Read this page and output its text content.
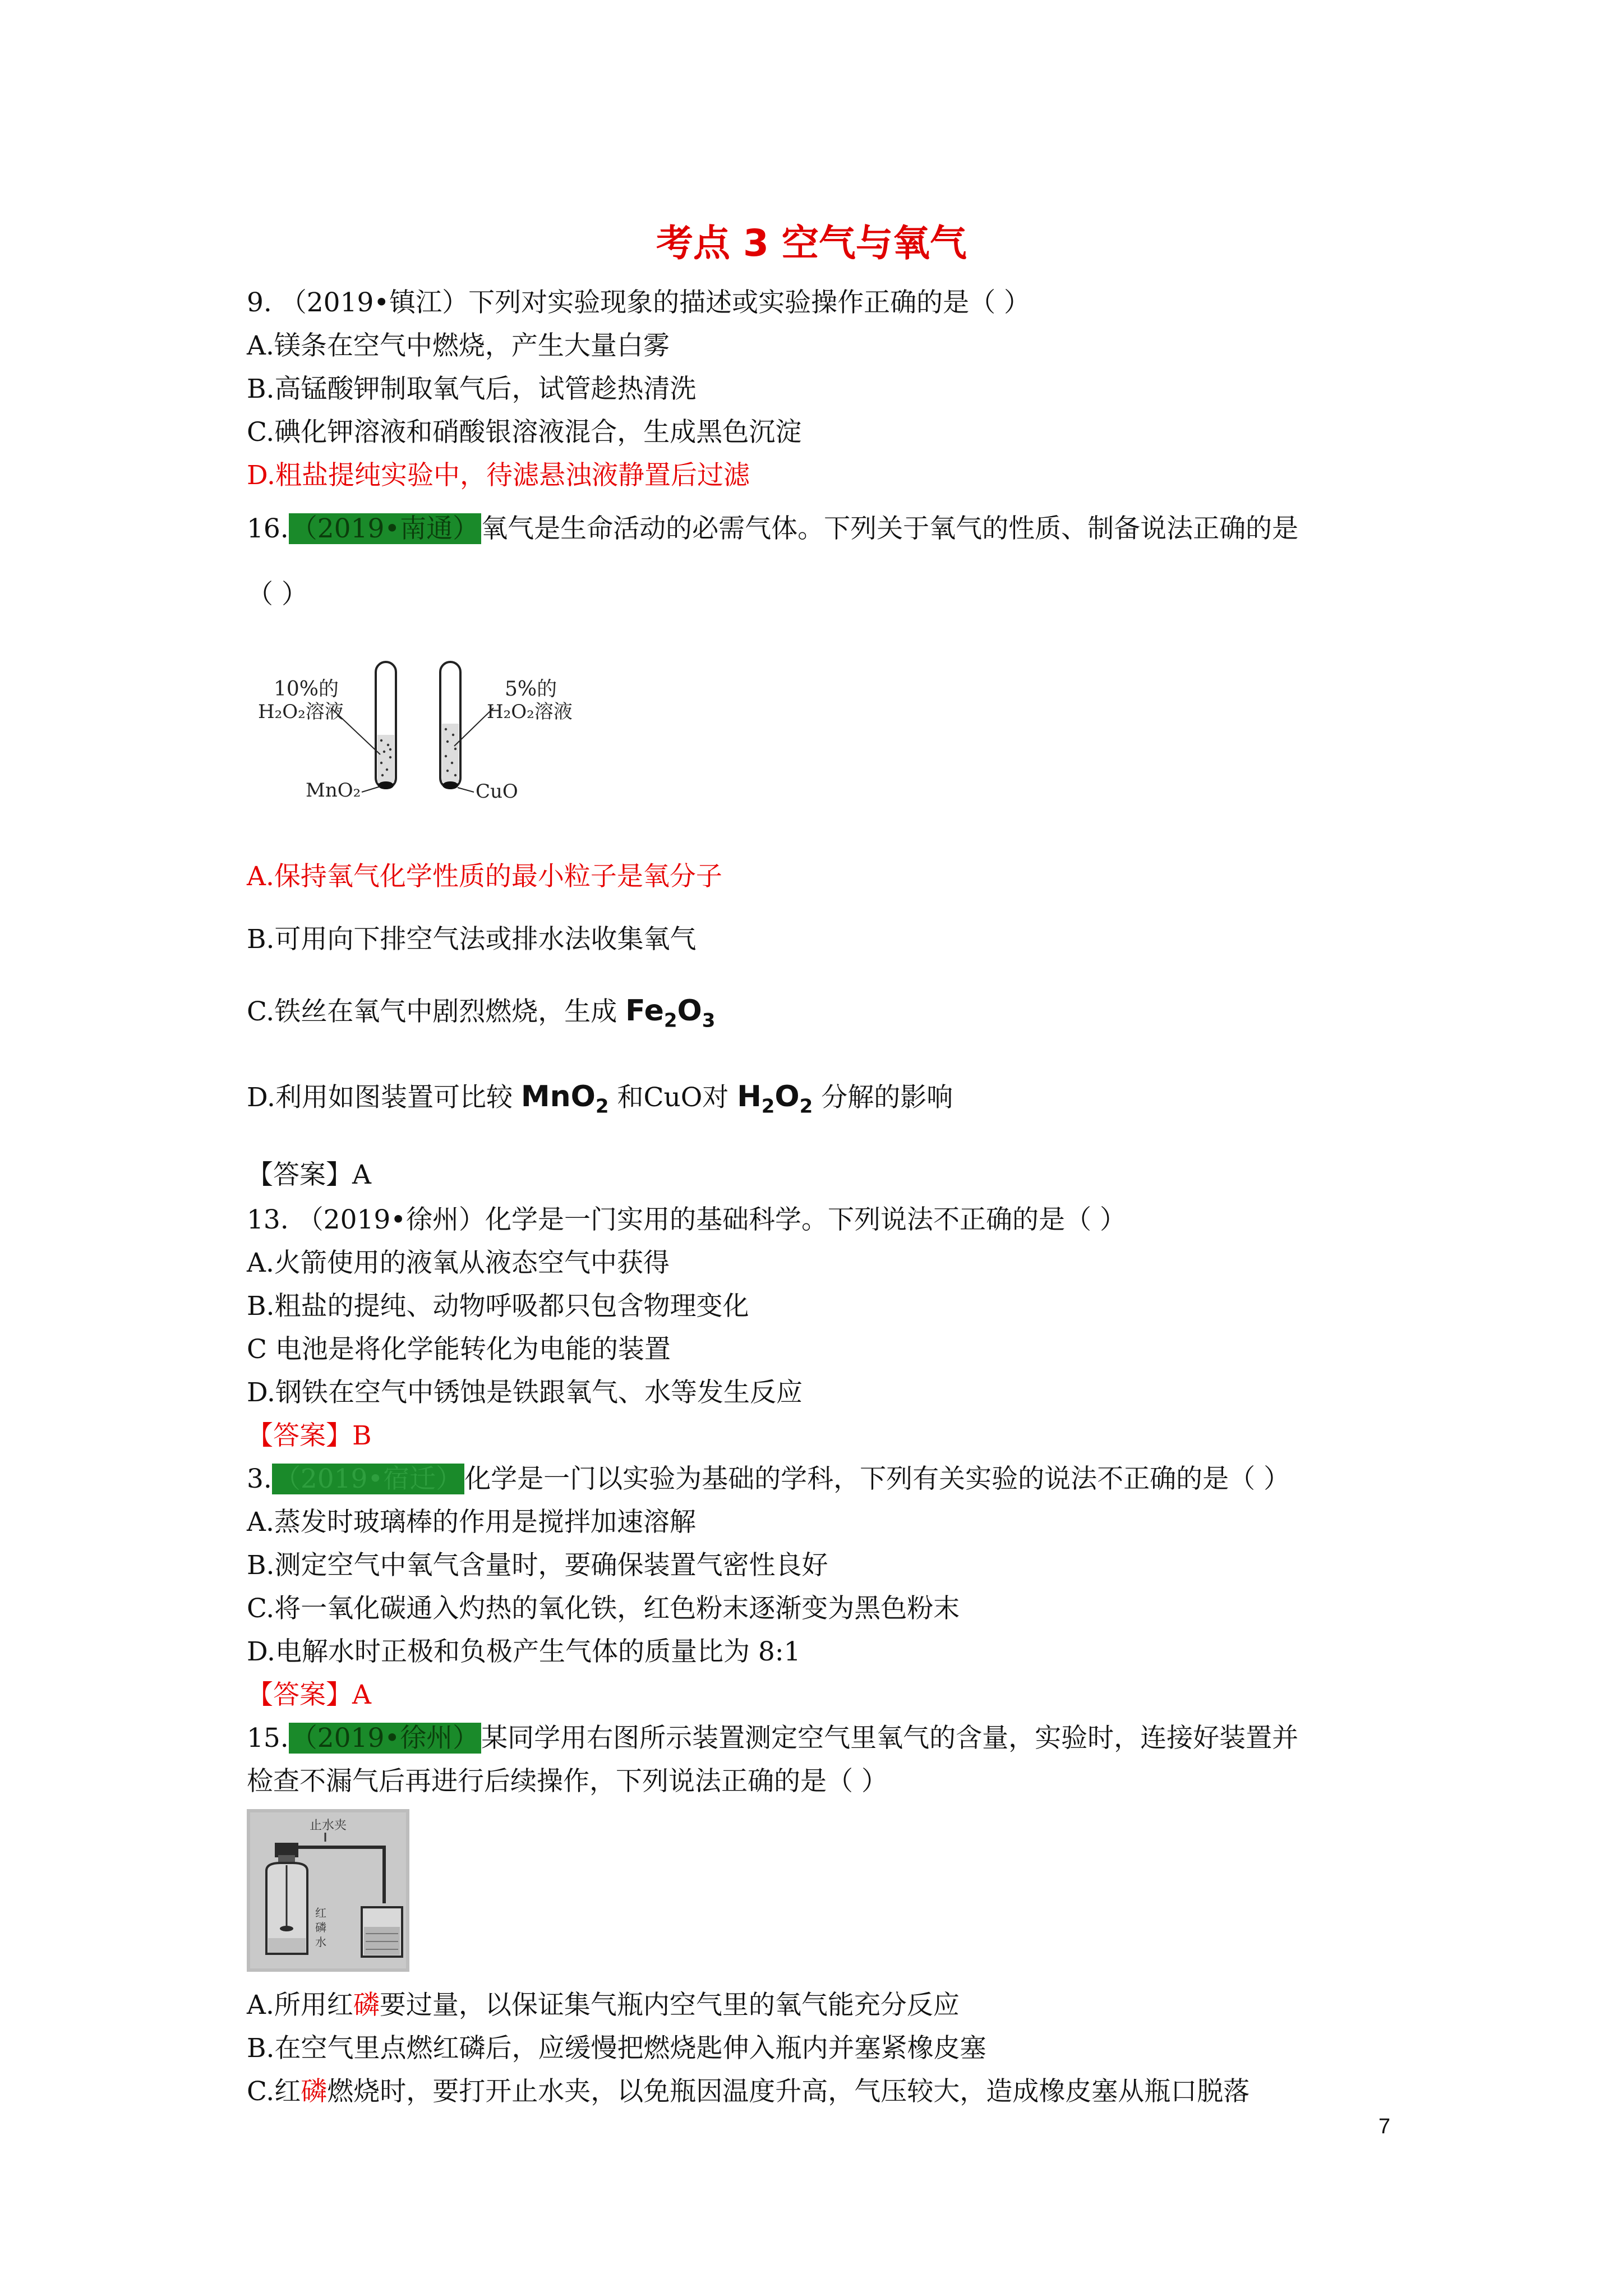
考点 3 空气与氧气
9. （2019•镇江）下列对实验现象的描述或实验操作正确的是（ ）
A.镁条在空气中燃烧，产生大量白雾
B.高锰酸钾制取氧气后，试管趁热清洗
C.碘化钾溶液和硝酸银溶液混合，生成黑色沉淀
D.粗盐提纯实验中，待滤悬浊液静置后过滤
16.（2019•南通）氧气是生命活动的必需气体。下列关于氧气的性质、制备说法正确的是
（ ）
10%的
H₂O₂溶液
MnO₂
5%的
H₂O₂溶液
CuO
A.保持氧气化学性质的最小粒子是氧分子
B.可用向下排空气法或排水法收集氧气
C.铁丝在氧气中剧烈燃烧，生成 $Fe_2O_3$
D.利用如图装置可比较 MnO$_2$ 和CuO对 $H_2O_2$ 分解的影响
【答案】A
13. （2019•徐州）化学是一门实用的基础科学。下列说法不正确的是（ ）
A.火箭使用的液氧从液态空气中获得
B.粗盐的提纯、动物呼吸都只包含物理变化
C 电池是将化学能转化为电能的装置
D.钢铁在空气中锈蚀是铁跟氧气、水等发生反应
【答案】B
3.（2019•宿迁）化学是一门以实验为基础的学科，下列有关实验的说法不正确的是（ ）
A.蒸发时玻璃棒的作用是搅拌加速溶解
B.测定空气中氧气含量时，要确保装置气密性良好
C.将一氧化碳通入灼热的氧化铁，红色粉末逐渐变为黑色粉末
D.电解水时正极和负极产生气体的质量比为 8:1
【答案】A
15.（2019•徐州）某同学用右图所示装置测定空气里氧气的含量，实验时，连接好装置并
检查不漏气后再进行后续操作，下列说法正确的是（ ）
止水夹
红
磷
水
A.所用红磷要过量，以保证集气瓶内空气里的氧气能充分反应
B.在空气里点燃红磷后，应缓慢把燃烧匙伸入瓶内并塞紧橡皮塞
C.红磷燃烧时，要打开止水夹，以免瓶因温度升高，气压较大，造成橡皮塞从瓶口脱落
7
